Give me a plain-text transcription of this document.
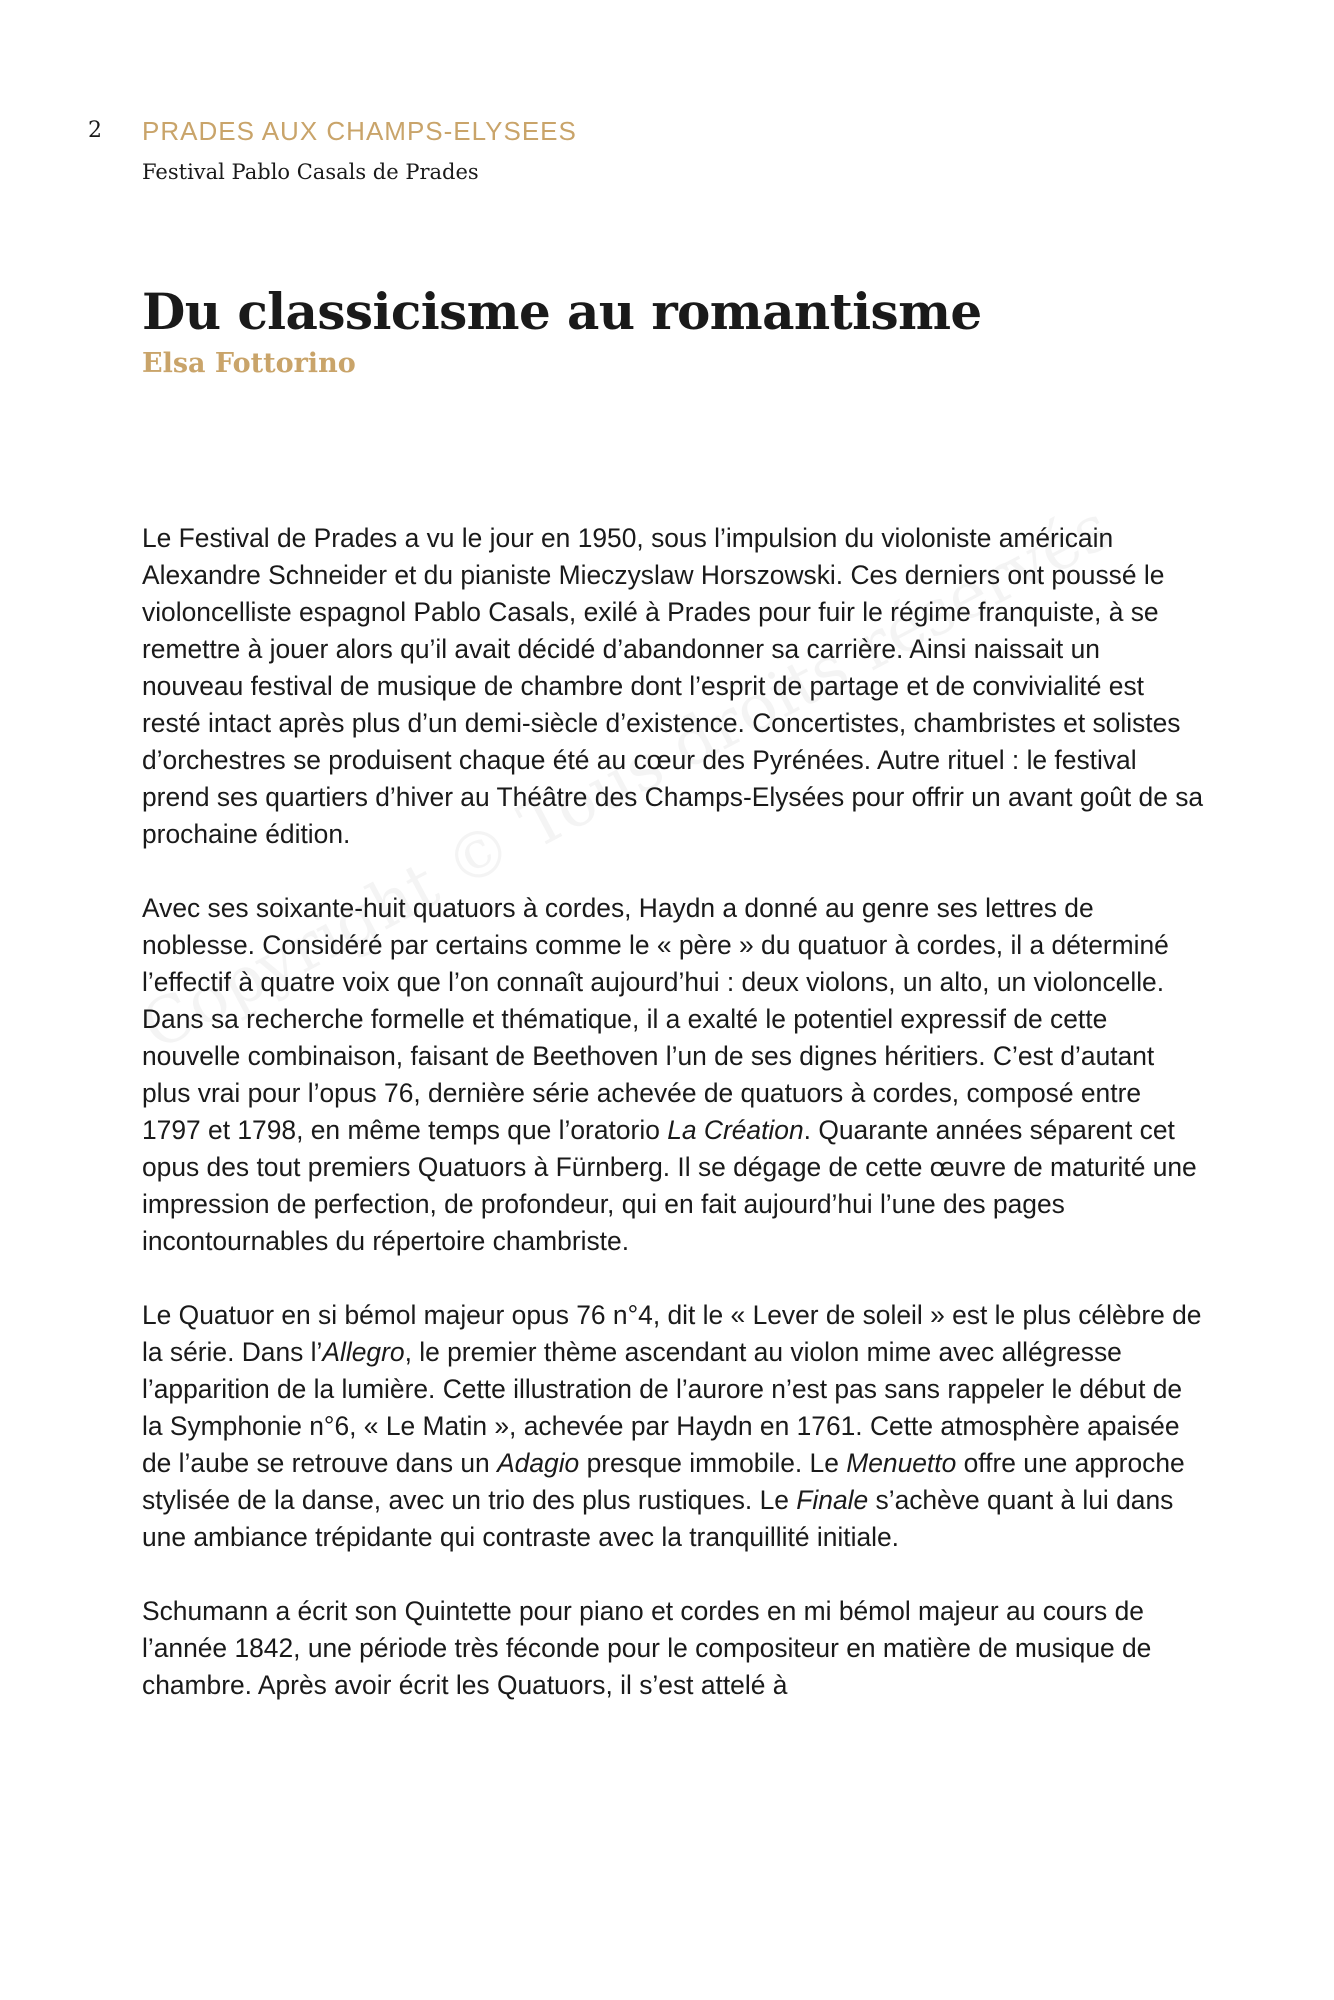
2 PRADES AUX CHAMPS-ELYSEES
Festival Pablo Casals de Prades
Du classicisme au romantisme
Elsa Fottorino

Le Festival de Prades a vu le jour en 1950, sous l’impulsion du violoniste américain Alexandre Schneider et du pianiste Mieczyslaw Horszowski. Ces derniers ont poussé le violoncelliste espagnol Pablo Casals, exilé à Prades pour fuir le régime franquiste, à se remettre à jouer alors qu’il avait décidé d’abandonner sa carrière. Ainsi naissait un nouveau festival de musique de chambre dont l’esprit de partage et de convivialité est resté intact après plus d’un demi-siècle d’existence. Concertistes, chambristes et solistes d’orchestres se produisent chaque été au cœur des Pyrénées. Autre rituel : le festival prend ses quartiers d’hiver au Théâtre des Champs-Elysées pour offrir un avant goût de sa prochaine édition.

Avec ses soixante-huit quatuors à cordes, Haydn a donné au genre ses lettres de noblesse. Considéré par certains comme le « père » du quatuor à cordes, il a déterminé l’effectif à quatre voix que l’on connaît aujourd’hui : deux violons, un alto, un violoncelle. Dans sa recherche formelle et thématique, il a exalté le potentiel expressif de cette nouvelle combinaison, faisant de Beethoven l’un de ses dignes héritiers. C’est d’autant plus vrai pour l’opus 76, dernière série achevée de quatuors à cordes, composé entre 1797 et 1798, en même temps que l’oratorio La Création. Quarante années séparent cet opus des tout premiers Quatuors à Fürnberg. Il se dégage de cette œuvre de maturité une impression de perfection, de profondeur, qui en fait aujourd’hui l’une des pages incontournables du répertoire chambriste.

Le Quatuor en si bémol majeur opus 76 n°4, dit le « Lever de soleil » est le plus célèbre de la série. Dans l’Allegro, le premier thème ascendant au violon mime avec allégresse l’apparition de la lumière. Cette illustration de l’aurore n’est pas sans rappeler le début de la Symphonie n°6, « Le Matin », achevée par Haydn en 1761. Cette atmosphère apaisée de l’aube se retrouve dans un Adagio presque immobile. Le Menuetto offre une approche stylisée de la danse, avec un trio des plus rustiques. Le Finale s’achève quant à lui dans une ambiance trépidante qui contraste avec la tranquillité initiale.

Schumann a écrit son Quintette pour piano et cordes en mi bémol majeur au cours de l’année 1842, une période très féconde pour le compositeur en matière de musique de chambre. Après avoir écrit les Quatuors, il s’est attelé à
